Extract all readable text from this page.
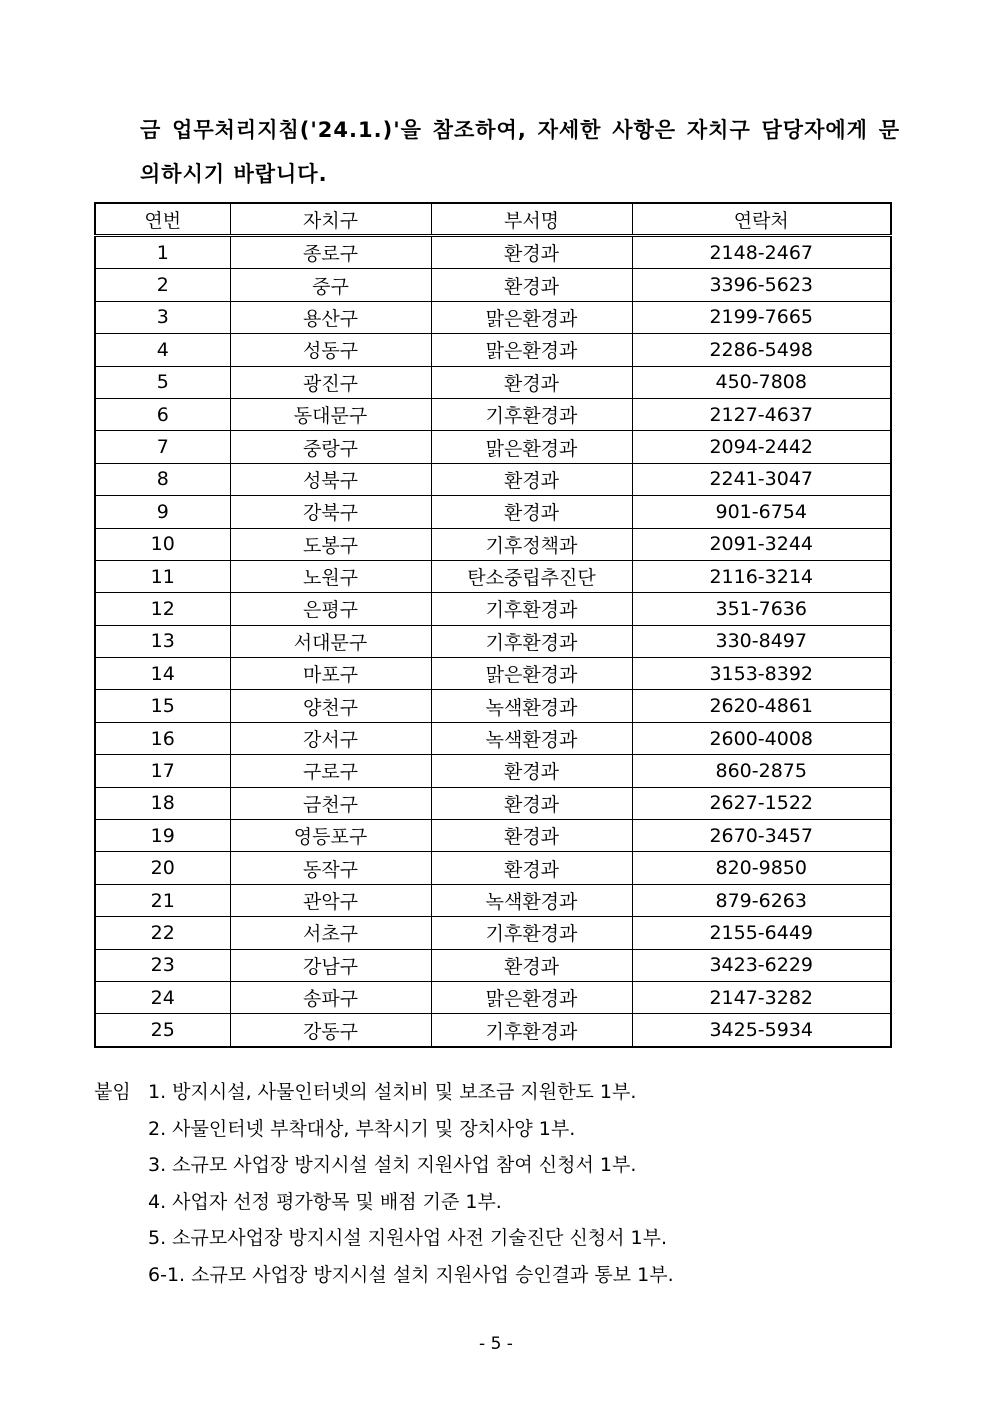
금 업무처리지침('24.1.)'을 참조하여, 자세한 사항은 자치구 담당자에게 문
의하시기 바랍니다.
연번	자치구	부서명	연락처
1	종로구	환경과	2148-2467
2	중구	환경과	3396-5623
3	용산구	맑은환경과	2199-7665
4	성동구	맑은환경과	2286-5498
5	광진구	환경과	450-7808
6	동대문구	기후환경과	2127-4637
7	중랑구	맑은환경과	2094-2442
8	성북구	환경과	2241-3047
9	강북구	환경과	901-6754
10	도봉구	기후정책과	2091-3244
11	노원구	탄소중립추진단	2116-3214
12	은평구	기후환경과	351-7636
13	서대문구	기후환경과	330-8497
14	마포구	맑은환경과	3153-8392
15	양천구	녹색환경과	2620-4861
16	강서구	녹색환경과	2600-4008
17	구로구	환경과	860-2875
18	금천구	환경과	2627-1522
19	영등포구	환경과	2670-3457
20	동작구	환경과	820-9850
21	관악구	녹색환경과	879-6263
22	서초구	기후환경과	2155-6449
23	강남구	환경과	3423-6229
24	송파구	맑은환경과	2147-3282
25	강동구	기후환경과	3425-5934
붙임 1. 방지시설, 사물인터넷의 설치비 및 보조금 지원한도 1부.
2. 사물인터넷 부착대상, 부착시기 및 장치사양 1부.
3. 소규모 사업장 방지시설 설치 지원사업 참여 신청서 1부.
4. 사업자 선정 평가항목 및 배점 기준 1부.
5. 소규모사업장 방지시설 지원사업 사전 기술진단 신청서 1부.
6-1. 소규모 사업장 방지시설 설치 지원사업 승인결과 통보 1부.
- 5 -
